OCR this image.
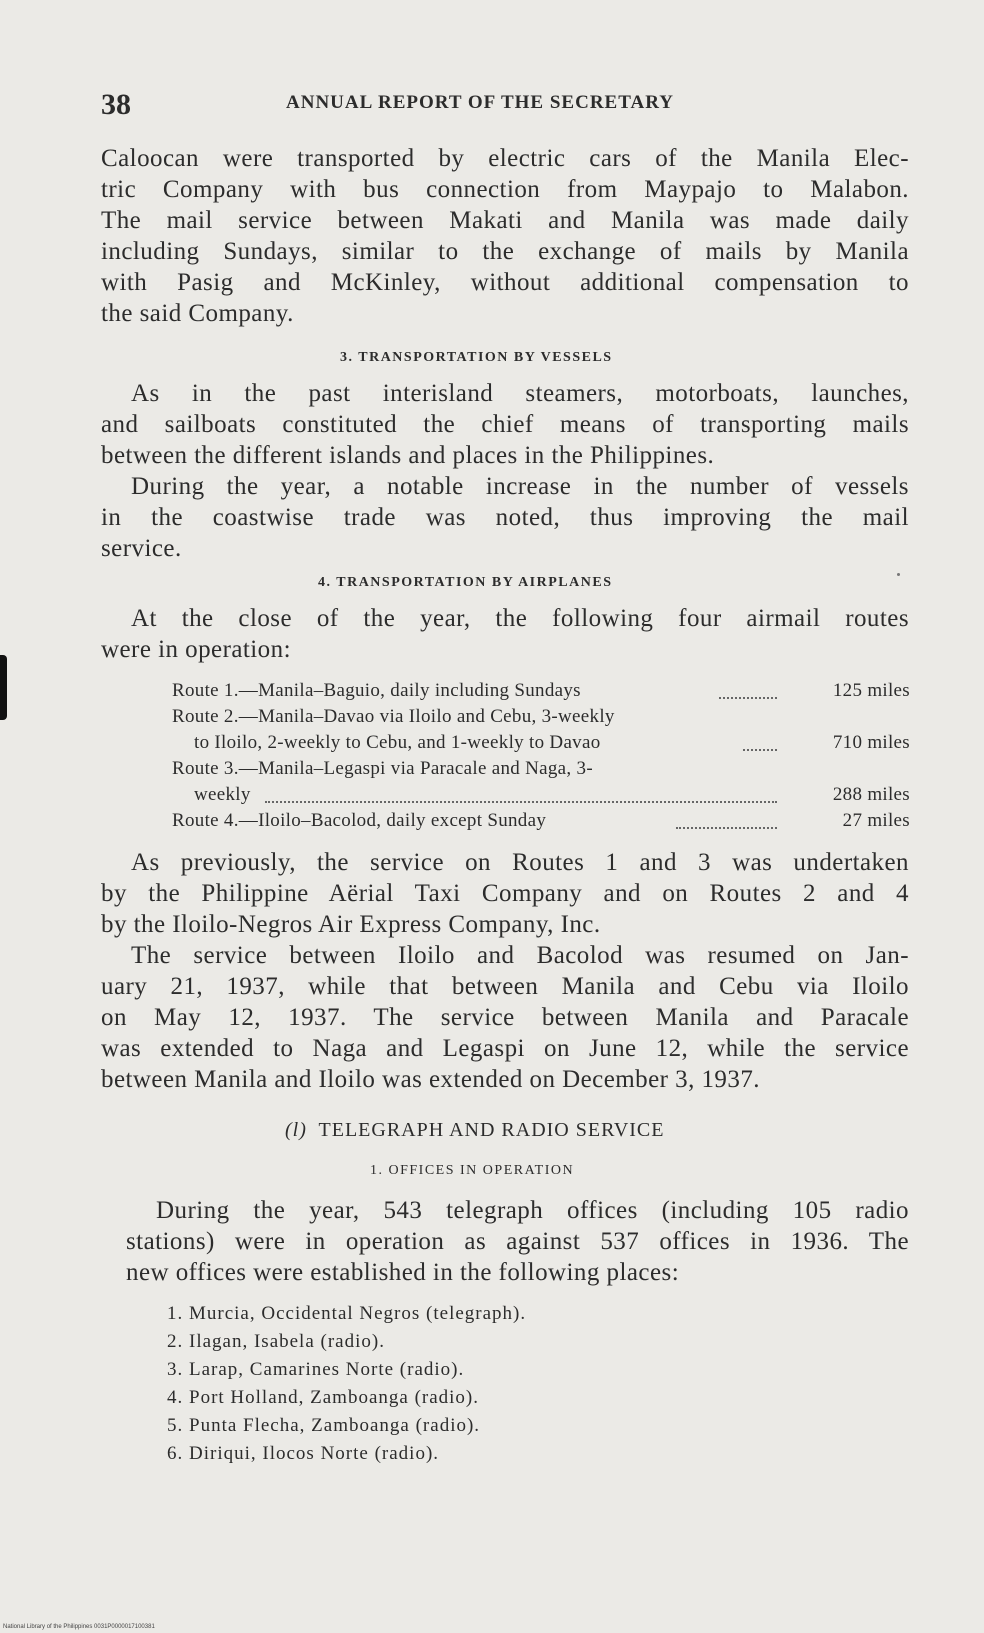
38	ANNUAL REPORT OF THE SECRETARY
Caloocan were transported by electric cars of the Manila Elec-
tric Company with bus connection from Maypajo to Malabon.
The mail service between Makati and Manila was made daily
including Sundays, similar to the exchange of mails by Manila
with Pasig and McKinley, without additional compensation to
the said Company.
3. TRANSPORTATION BY VESSELS
As in the past interisland steamers, motorboats, launches,
and sailboats constituted the chief means of transporting mails
between the different islands and places in the Philippines.
During the year, a notable increase in the number of vessels
in the coastwise trade was noted, thus improving the mail
service.
4. TRANSPORTATION BY AIRPLANES
At the close of the year, the following four airmail routes
were in operation:
Route 1.—Manila–Baguio, daily including Sundays	125 miles
Route 2.—Manila–Davao via Iloilo and Cebu, 3-weekly
to Iloilo, 2-weekly to Cebu, and 1-weekly to Davao	710 miles
Route 3.—Manila–Legaspi via Paracale and Naga, 3-
weekly	288 miles
Route 4.—Iloilo–Bacolod, daily except Sunday	27 miles
As previously, the service on Routes 1 and 3 was undertaken
by the Philippine Aërial Taxi Company and on Routes 2 and 4
by the Iloilo-Negros Air Express Company, Inc.
The service between Iloilo and Bacolod was resumed on Jan-
uary 21, 1937, while that between Manila and Cebu via Iloilo
on May 12, 1937. The service between Manila and Paracale
was extended to Naga and Legaspi on June 12, while the service
between Manila and Iloilo was extended on December 3, 1937.
(l) TELEGRAPH AND RADIO SERVICE
1. OFFICES IN OPERATION
During the year, 543 telegraph offices (including 105 radio
stations) were in operation as against 537 offices in 1936. The
new offices were established in the following places:
1. Murcia, Occidental Negros (telegraph).
2. Ilagan, Isabela (radio).
3. Larap, Camarines Norte (radio).
4. Port Holland, Zamboanga (radio).
5. Punta Flecha, Zamboanga (radio).
6. Diriqui, Ilocos Norte (radio).
National Library of the Philippines 0031P0000017100381
